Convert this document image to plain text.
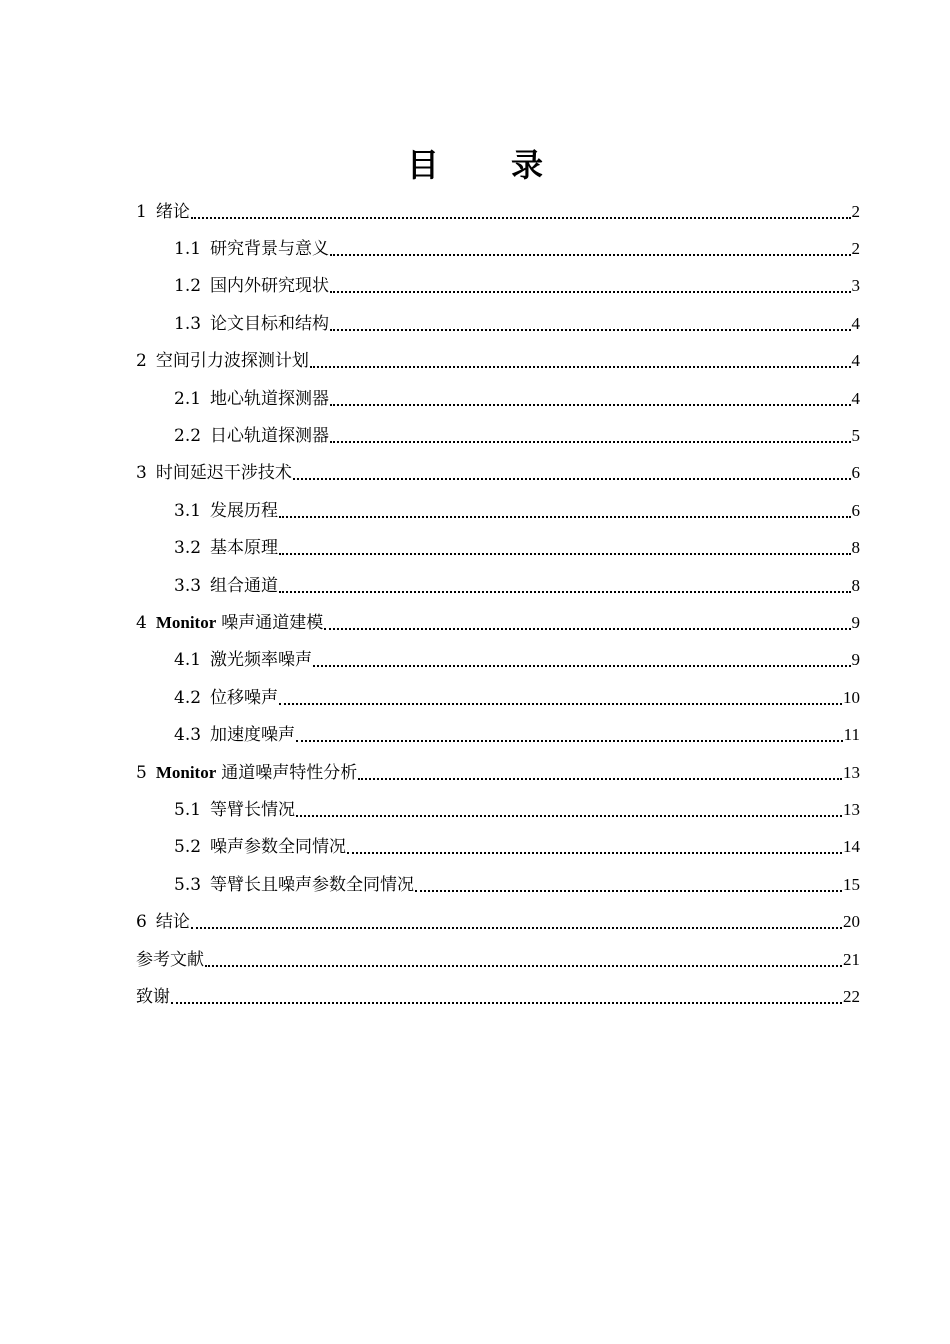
目 录
1 绪论	2
1.1 研究背景与意义	2
1.2 国内外研究现状	3
1.3 论文目标和结构	4
2 空间引力波探测计划	4
2.1 地心轨道探测器	4
2.2 日心轨道探测器	5
3 时间延迟干涉技术	6
3.1 发展历程	6
3.2 基本原理	8
3.3 组合通道	8
4 Monitor 噪声通道建模	9
4.1 激光频率噪声	9
4.2 位移噪声	10
4.3 加速度噪声	11
5 Monitor 通道噪声特性分析	13
5.1 等臂长情况	13
5.2 噪声参数全同情况	14
5.3 等臂长且噪声参数全同情况	15
6 结论	20
参考文献	21
致谢	22
